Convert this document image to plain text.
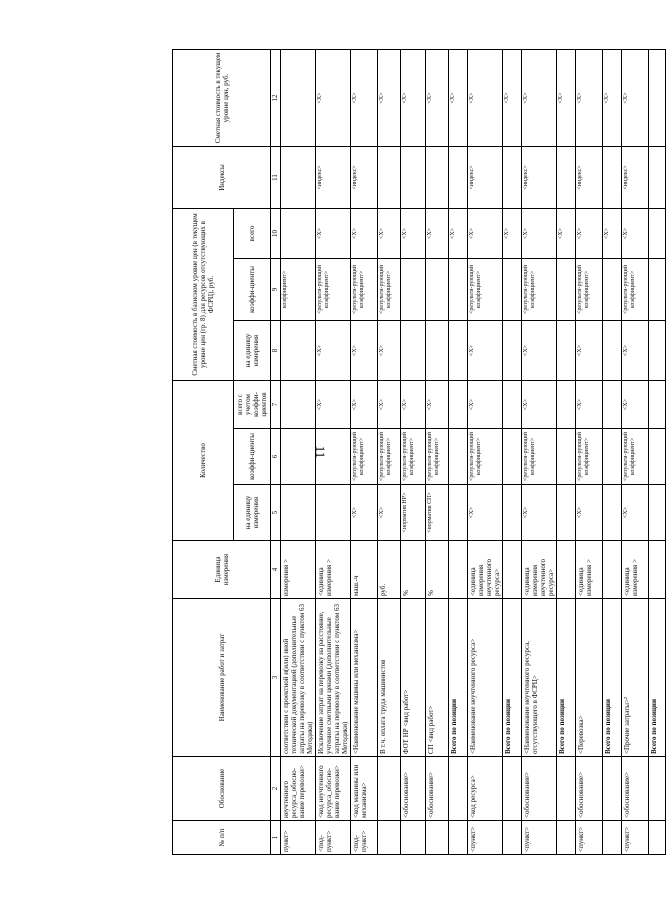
11
№ п/п	Обоснование	Наименование работ и затрат	Единица измерения	Количество			Сметная стоимость в базисном уровне цен (в текущем уровне цен (гр. 8) для ресурсов отсутствующих в ФСРЦ), руб.			Индексы	Сметная стоимость в текущем уровне цен, руб.
				на единицу измерения	коэффи-циенты	всего с учетом коэффи-циентов	на единицу измерения	коэффи-циенты	всего		
1	2	3	4	5	6	7	8	9	10	11	12
пункт>	неучтенного ресурса_обосно-вание перевозки>	соответствии с проектной и(или) иной технической документацией (дополнительные затраты на перевозку в соответствии с пунктом 63 Методики)	измерения >					коэффициент>			
<под-пункт>	<код неучтенного ресурса_обосно-вание перевозки>	Исключение затрат на перевозку на расстояние, учтенное сметными ценами (дополнительные затраты на перевозку в соответствии с пунктом 63 Методики)	<единица измерения >			<X>	<X>	<результи-рующий коэффициент>	<X>	<индекс>	<X>
<под-пункт>	<код машины или механизма>	<Наименование машины или механизма>	маш.-ч	<X>	<результи-рующий коэффициент>	<X>	<X>	<результи-рующий коэффициент>	<X>	<индекс>	<X>
		В т.ч. оплата труда машинистов	руб.	<X>	<результи-рующий коэффициент>	<X>	<X>	<результи-рующий коэффициент>	<X>		<X>
	<обоснование>	ФОТ НР <вид работ>	%	<норматив НР>	<результи-рующий коэффициент>	<X>			<X>		<X>
	<обоснование>	СП <вид работ>	%	<норматив СП>	<результи-рующий коэффициент>	<X>			<X>		<X>
		Всего по позиции							<X>		<X>
<пункт>	<код ресурса>	<Наименование неучтенного ресурса>	<единица измерения неучтенного ресурса>	<X>	<результи-рующий коэффициент>	<X>	<X>	<результи-рующий коэффициент>	<X>	<индекс>	<X>
		Всего по позиции							<X>		<X>
<пункт>	<обоснование>	<Наименование неучтенного ресурса, отсутствующего в ФСРЦ>	<единица измерения неучтенного ресурса>	<X>	<результи-рующий коэффициент>	<X>	<X>	<результи-рующий коэффициент>	<X>	<индекс>	<X>
		Всего по позиции							<X>		<X>
<пункт>	<обоснование>	<Перевозка>	<единица измерения >	<X>	<результи-рующий коэффициент>	<X>	<X>	<результи-рующий коэффициент>	<X>	<индекс>	<X>
		Всего по позиции							<X>		<X>
<пункт>	<обоснование>	<Прочие затраты>²	<единица измерения >	<X>	<результи-рующий коэффициент>	<X>	<X>	<результи-рующий коэффициент>	<X>	<индекс>	<X>
		Всего по позиции									
